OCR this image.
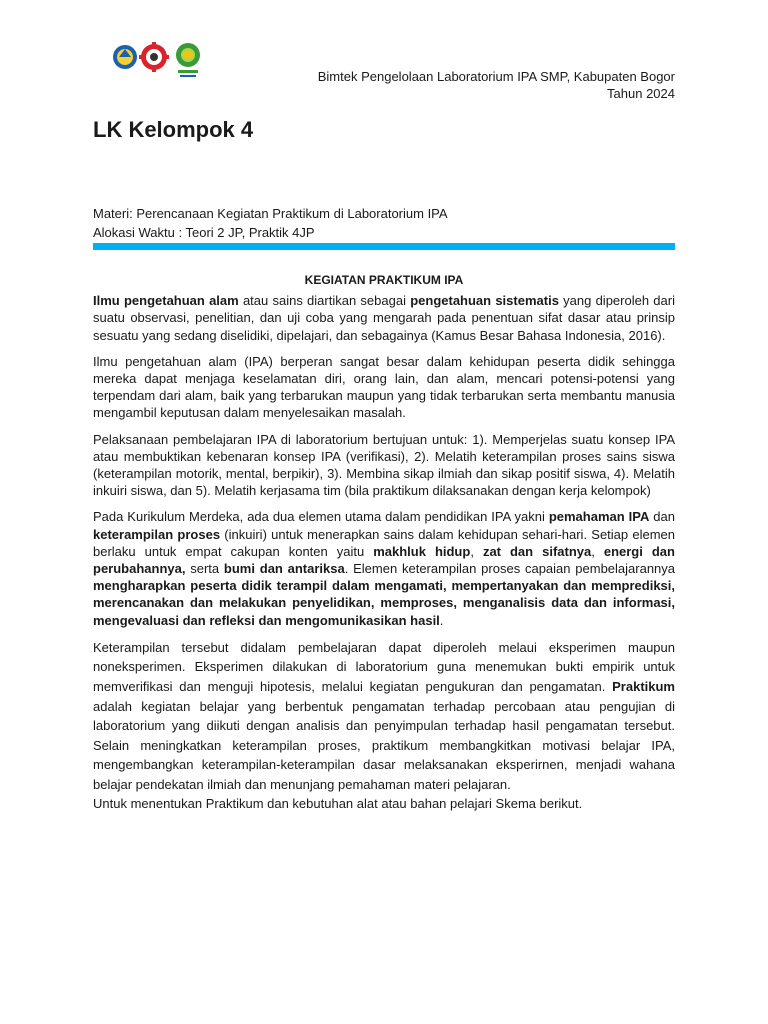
Bimtek Pengelolaan Laboratorium IPA SMP, Kabupaten Bogor
Tahun 2024
LK Kelompok 4
Materi: Perencanaan Kegiatan Praktikum di Laboratorium IPA
Alokasi Waktu : Teori 2 JP, Praktik 4JP
KEGIATAN PRAKTIKUM IPA

Ilmu pengetahuan alam atau sains diartikan sebagai pengetahuan sistematis yang diperoleh dari suatu observasi, penelitian, dan uji coba yang mengarah pada penentuan sifat dasar atau prinsip sesuatu yang sedang diselidiki, dipelajari, dan sebagainya (Kamus Besar Bahasa Indonesia, 2016).

Ilmu pengetahuan alam (IPA) berperan sangat besar dalam kehidupan peserta didik sehingga mereka dapat menjaga keselamatan diri, orang lain, dan alam, mencari potensi-potensi yang terpendam dari alam, baik yang terbarukan maupun yang tidak terbarukan serta membantu manusia mengambil keputusan dalam menyelesaikan masalah.

Pelaksanaan pembelajaran IPA di laboratorium bertujuan untuk: 1). Memperjelas suatu konsep IPA atau membuktikan kebenaran konsep IPA (verifikasi), 2). Melatih keterampilan proses sains siswa (keterampilan motorik, mental, berpikir), 3). Membina sikap ilmiah dan sikap positif siswa, 4). Melatih inkuiri siswa, dan 5). Melatih kerjasama tim (bila praktikum dilaksanakan dengan kerja kelompok)

Pada Kurikulum Merdeka, ada dua elemen utama dalam pendidikan IPA yakni pemahaman IPA dan keterampilan proses (inkuiri) untuk menerapkan sains dalam kehidupan sehari-hari. Setiap elemen berlaku untuk empat cakupan konten yaitu makhluk hidup, zat dan sifatnya, energi dan perubahannya, serta bumi dan antariksa. Elemen keterampilan proses capaian pembelajarannya mengharapkan peserta didik terampil dalam mengamati, mempertanyakan dan memprediksi, merencanakan dan melakukan penyelidikan, memproses, menganalisis data dan informasi, mengevaluasi dan refleksi dan mengomunikasikan hasil.

Keterampilan tersebut didalam pembelajaran dapat diperoleh melaui eksperimen maupun noneksperimen. Eksperimen dilakukan di laboratorium guna menemukan bukti empirik untuk memverifikasi dan menguji hipotesis, melalui kegiatan pengukuran dan pengamatan. Praktikum adalah kegiatan belajar yang berbentuk pengamatan terhadap percobaan atau pengujian di laboratorium yang diikuti dengan analisis dan penyimpulan terhadap hasil pengamatan tersebut. Selain meningkatkan keterampilan proses, praktikum membangkitkan motivasi belajar IPA, mengembangkan keterampilan-keterampilan dasar melaksanakan eksperirnen, menjadi wahana belajar pendekatan ilmiah dan menunjang pemahaman materi pelajaran.

Untuk menentukan Praktikum dan kebutuhan alat atau bahan pelajari Skema berikut.
